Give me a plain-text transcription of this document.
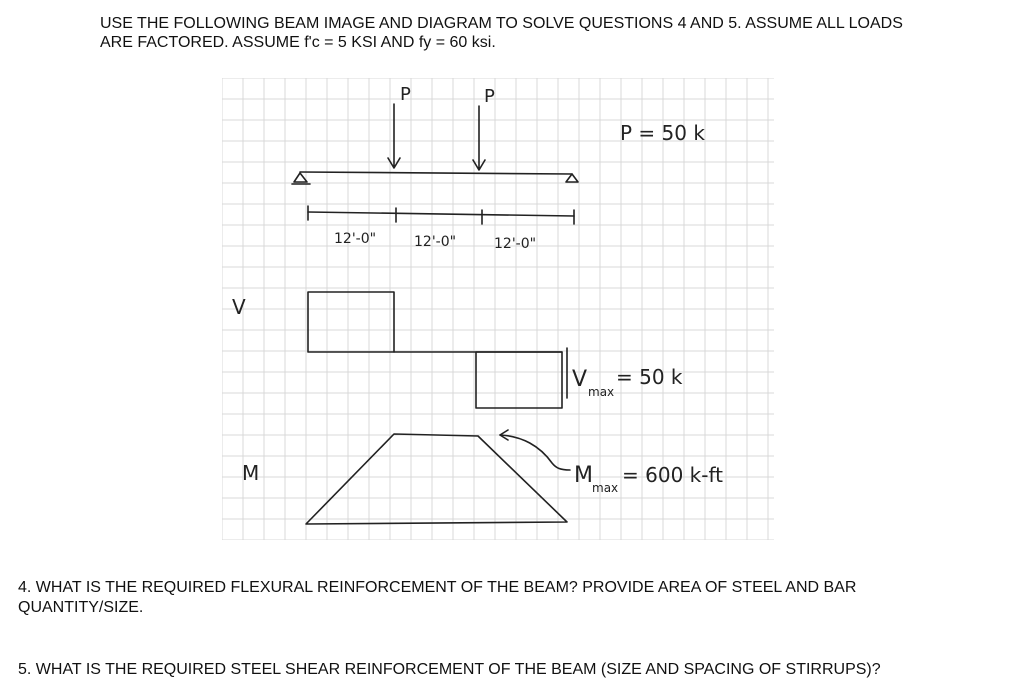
USE THE FOLLOWING BEAM IMAGE AND DIAGRAM TO SOLVE QUESTIONS 4 AND 5. ASSUME ALL LOADS
ARE FACTORED. ASSUME f'c = 5 KSI AND fy = 60 ksi.

P	P
P = 50 k
12'-0"	12'-0"	12'-0"
V
V max
= 50 k
M	M max
= 600 k-ft

4. WHAT IS THE REQUIRED FLEXURAL REINFORCEMENT OF THE BEAM? PROVIDE AREA OF STEEL AND BAR QUANTITY/SIZE.

5. WHAT IS THE REQUIRED STEEL SHEAR REINFORCEMENT OF THE BEAM (SIZE AND SPACING OF STIRRUPS)?
